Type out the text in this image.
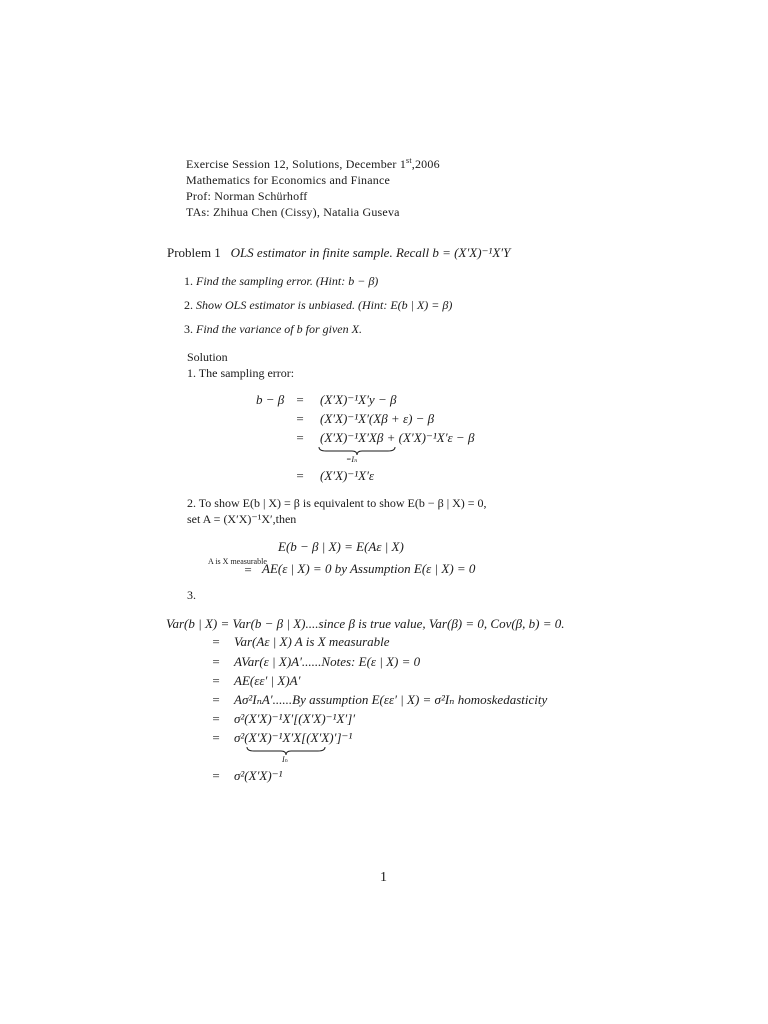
Exercise Session 12, Solutions, December 1st,2006
Mathematics for Economics and Finance
Prof: Norman Schürhoff
TAs: Zhihua Chen (Cissy), Natalia Guseva
Problem 1 OLS estimator in finite sample. Recall b = (X′X)⁻¹X′Y
1. Find the sampling error. (Hint: b − β)
2. Show OLS estimator is unbiased. (Hint: E(b | X) = β)
3. Find the variance of b for given X.
Solution
1. The sampling error:
b − β =	(X′X)⁻¹X′y − β
=	(X′X)⁻¹X′(Xβ + ε) − β
=	(X′X)⁻¹X′Xβ + (X′X)⁻¹X′ε − β
=Iₙ
=	(X′X)⁻¹X′ε
2. To show E(b | X) = β is equivalent to show E(b − β | X) = 0,
set A = (X′X)⁻¹X′,then
E(b − β | X) = E(Aε | X)
A is X measurable
= AE(ε | X) = 0 by Assumption E(ε | X) = 0
3.
Var(b | X) = Var(b − β | X)....since β is true value, Var(β) = 0, Cov(β, b) = 0.
=	Var(Aε | X) A is X measurable
=	AVar(ε | X)A′......Notes: E(ε | X) = 0
=	AE(εε′ | X)A′
=	Aσ²IₙA′......By assumption E(εε′ | X) = σ²Iₙ homoskedasticity
=	σ²(X′X)⁻¹X′[(X′X)⁻¹X′]′
=	σ²(X′X)⁻¹X′X[(X′X)′]⁻¹
Iₙ
=	σ²(X′X)⁻¹
1
